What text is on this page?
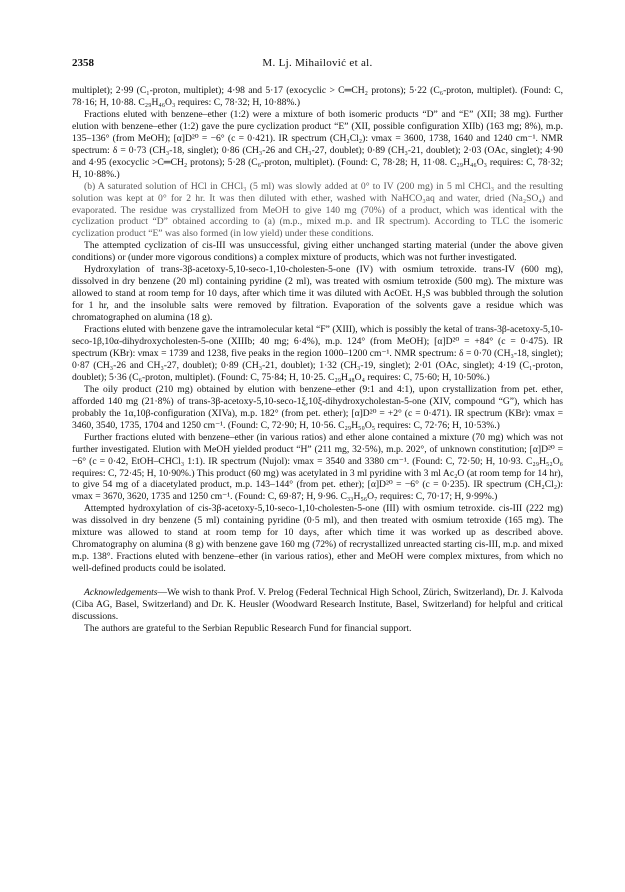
2358	M. Lj. Mihailović et al.

multiplet); 2·99 (C₁-proton, multiplet); 4·98 and 5·17 (exocyclic > C═CH₂ protons); 5·22 (C₆-proton, multiplet). (Found: C, 78·16; H, 10·88. C₂₉H₄₆O₃ requires: C, 78·32; H, 10·88%.)

Fractions eluted with benzene–ether (1:2) were a mixture of both isomeric products “D” and “E” (XII; 38 mg). Further elution with benzene–ether (1:2) gave the pure cyclization product “E” (XII, possible configuration XIIb) (163 mg; 8%), m.p. 135–136° (from MeOH); [α]D²⁰ = −6° (c = 0·421). IR spectrum (CH₂Cl₂): νmax = 3600, 1738, 1640 and 1240 cm⁻¹. NMR spectrum: δ = 0·73 (CH₃-18, singlet); 0·86 (CH₃-26 and CH₃-27, doublet); 0·89 (CH₃-21, doublet); 2·03 (OAc, singlet); 4·90 and 4·95 (exocyclic >C═CH₂ protons); 5·28 (C₆-proton, multiplet). (Found: C, 78·28; H, 11·08. C₂₉H₄₆O₃ requires: C, 78·32; H, 10·88%.)

(b) A saturated solution of HCl in CHCl₃ (5 ml) was slowly added at 0° to IV (200 mg) in 5 ml CHCl₃ and the resulting solution was kept at 0° for 2 hr. It was then diluted with ether, washed with NaHCO₃aq and water, dried (Na₂SO₄) and evaporated. The residue was crystallized from MeOH to give 140 mg (70%) of a product, which was identical with the cyclization product “D” obtained according to (a) (m.p., mixed m.p. and IR spectrum). According to TLC the isomeric cyclization product “E” was also formed (in low yield) under these conditions.

The attempted cyclization of cis-III was unsuccessful, giving either unchanged starting material (under the above given conditions) or (under more vigorous conditions) a complex mixture of products, which was not further investigated.

Hydroxylation of trans-3β-acetoxy-5,10-seco-1,10-cholesten-5-one (IV) with osmium tetroxide. trans-IV (600 mg), dissolved in dry benzene (20 ml) containing pyridine (2 ml), was treated with osmium tetroxide (500 mg). The mixture was allowed to stand at room temp for 10 days, after which time it was diluted with AcOEt. H₂S was bubbled through the solution for 1 hr, and the insoluble salts were removed by filtration. Evaporation of the solvents gave a residue which was chromatographed on alumina (18 g).

Fractions eluted with benzene gave the intramolecular ketal “F” (XIII), which is possibly the ketal of trans-3β-acetoxy-5,10-seco-1β,10α-dihydroxycholesten-5-one (XIIIb; 40 mg; 6·4%), m.p. 124° (from MeOH); [α]D²⁰ = +84° (c = 0·475). IR spectrum (KBr): νmax = 1739 and 1238, five peaks in the region 1000–1200 cm⁻¹. NMR spectrum: δ = 0·70 (CH₃-18, singlet); 0·87 (CH₃-26 and CH₃-27, doublet); 0·89 (CH₃-21, doublet); 1·32 (CH₃-19, singlet); 2·01 (OAc, singlet); 4·19 (C₁-proton, doublet); 5·36 (C₆-proton, multiplet). (Found: C, 75·84; H, 10·25. C₂₉H₄₈O₄ requires: C, 75·60; H, 10·50%.)

The oily product (210 mg) obtained by elution with benzene–ether (9:1 and 4:1), upon crystallization from pet. ether, afforded 140 mg (21·8%) of trans-3β-acetoxy-5,10-seco-1ξ,10ξ-dihydroxycholestan-5-one (XIV, compound “G”), which has probably the 1α,10β-configuration (XIVa), m.p. 182° (from pet. ether); [α]D²⁰ = +2° (c = 0·471). IR spectrum (KBr): νmax = 3460, 3540, 1735, 1704 and 1250 cm⁻¹. (Found: C, 72·90; H, 10·56. C₂₉H₅₀O₅ requires: C, 72·76; H, 10·53%.)

Further fractions eluted with benzene–ether (in various ratios) and ether alone contained a mixture (70 mg) which was not further investigated. Elution with MeOH yielded product “H” (211 mg, 32·5%), m.p. 202°, of unknown constitution; [α]D²⁰ = −6° (c = 0·42, EtOH–CHCl₃ 1:1). IR spectrum (Nujol): νmax = 3540 and 3380 cm⁻¹. (Found: C, 72·50; H, 10·93. C₂₉H₅₂O₆ requires: C, 72·45; H, 10·90%.) This product (60 mg) was acetylated in 3 ml pyridine with 3 ml Ac₂O (at room temp for 14 hr), to give 54 mg of a diacetylated product, m.p. 143–144° (from pet. ether); [α]D²⁰ = −6° (c = 0·235). IR spectrum (CH₂Cl₂): νmax = 3670, 3620, 1735 and 1250 cm⁻¹. (Found: C, 69·87; H, 9·96. C₃₃H₅₆O₇ requires: C, 70·17; H, 9·99%.)

Attempted hydroxylation of cis-3β-acetoxy-5,10-seco-1,10-cholesten-5-one (III) with osmium tetroxide. cis-III (222 mg) was dissolved in dry benzene (5 ml) containing pyridine (0·5 ml), and then treated with osmium tetroxide (165 mg). The mixture was allowed to stand at room temp for 10 days, after which time it was worked up as described above. Chromatography on alumina (8 g) with benzene gave 160 mg (72%) of recrystallized unreacted starting cis-III, m.p. and mixed m.p. 138°. Fractions eluted with benzene–ether (in various ratios), ether and MeOH were complex mixtures, from which no well-defined products could be isolated.

Acknowledgements—We wish to thank Prof. V. Prelog (Federal Technical High School, Zürich, Switzerland), Dr. J. Kalvoda (Ciba AG, Basel, Switzerland) and Dr. K. Heusler (Woodward Research Institute, Basel, Switzerland) for helpful and critical discussions.

The authors are grateful to the Serbian Republic Research Fund for financial support.
